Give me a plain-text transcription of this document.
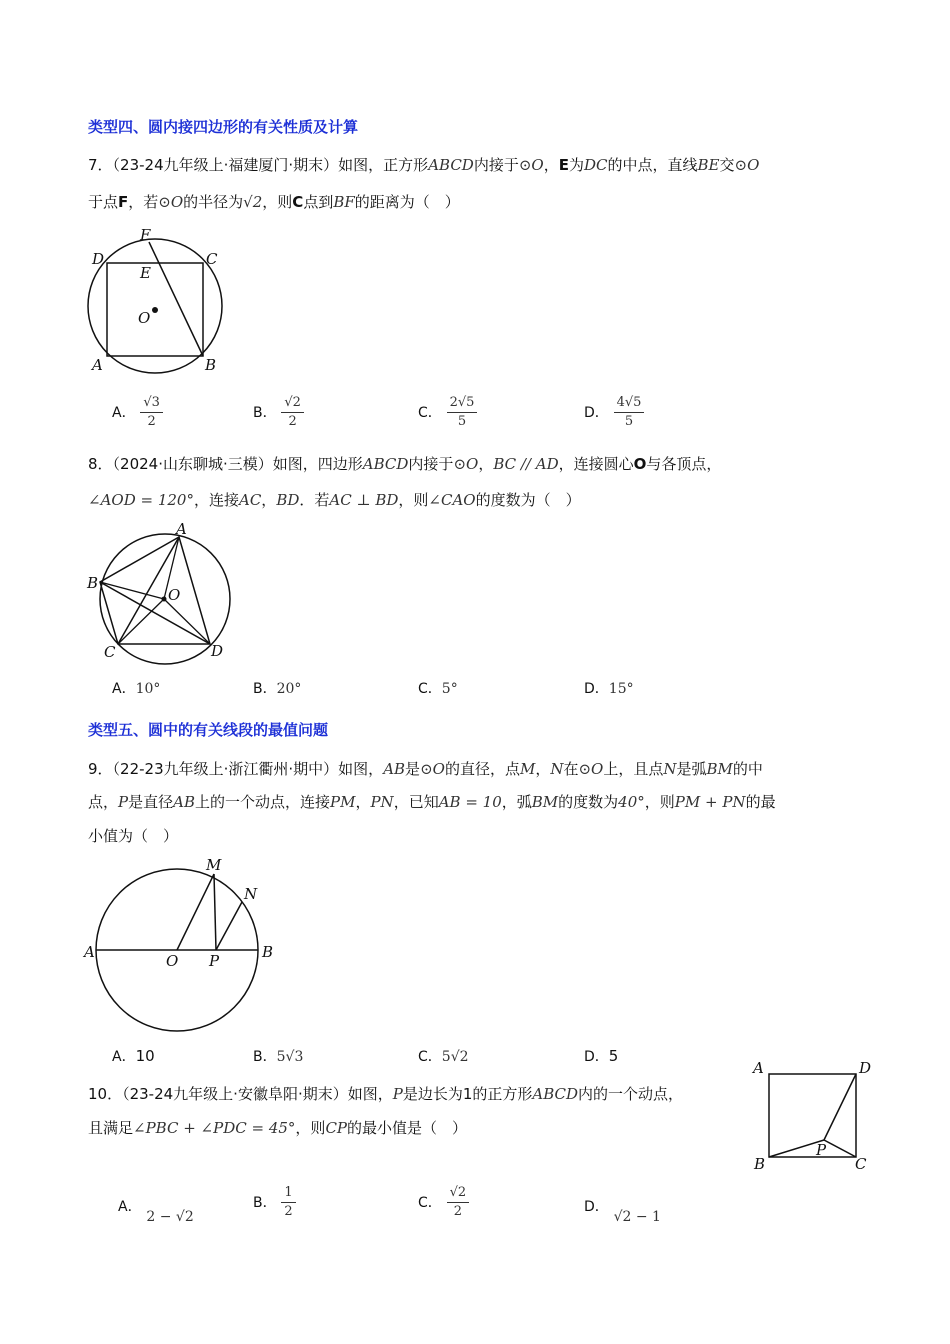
类型四、圆内接四边形的有关性质及计算
7．（23-24九年级上·福建厦门·期末）如图，正方形ABCD内接于⊙O，E为DC的中点，直线BE交⊙O
于点F，若⊙O的半径为√2，则C点到BF的距离为（　）
D
F
C
E
O
A	B
A． $\frac{√3}{2}$	B． $\frac{√2}{2}$	C． $\frac{2√5}{5}$	D． $\frac{4√5}{5}$
8．（2024·山东聊城·三模）如图，四边形ABCD内接于⊙O，BC // AD，连接圆心O与各顶点，
∠AOD = 120°，连接AC，BD．若AC ⊥ BD，则∠CAO的度数为（　）
A
B
O
C	D
A．10°	B．20°	C．5°	D．15°
类型五、圆中的有关线段的最值问题
9．（22-23九年级上·浙江衢州·期中）如图，AB是⊙O的直径，点M，N在⊙O上，且点N是弧BM的中
点，P是直径AB上的一个动点，连接PM，PN，已知AB = 10，弧BM的度数为40°，则PM + PN的最
小值为（　）
M
N
A	O P	B
A．10	B．5√3	C．5√2	D．5
10．（23-24九年级上·安徽阜阳·期末）如图，P是边长为1的正方形ABCD内的一个动点，
且满足∠PBC + ∠PDC = 45°，则CP的最小值是（　）
A	D
B
P
C
A． 2 − √2
B． $\frac{1}{2}$	C． $\frac{√2}{2}$	D． √2 − 1
